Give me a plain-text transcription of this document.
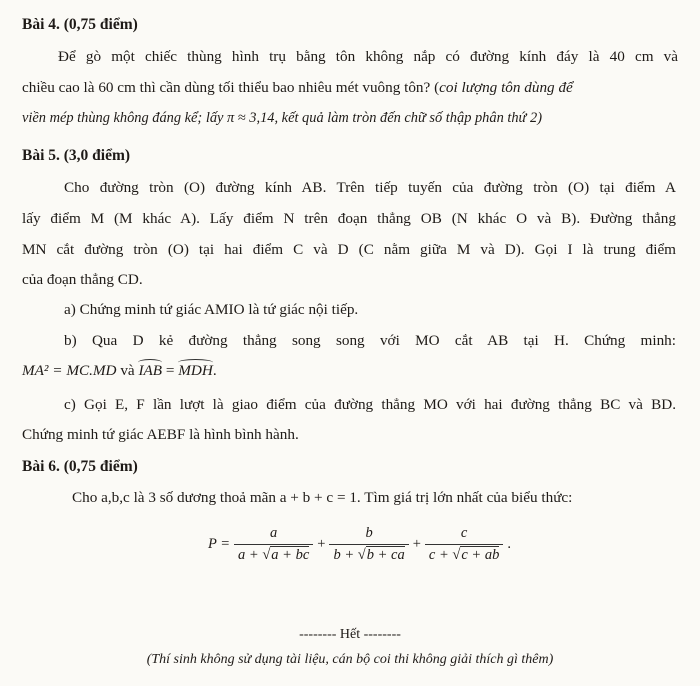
Bài 4. (0,75 điểm)
Để gò một chiếc thùng hình trụ bằng tôn không nắp có đường kính đáy là 40 cm và
chiều cao là 60 cm thì cần dùng tối thiểu bao nhiêu mét vuông tôn? (coi lượng tôn dùng để
viền mép thùng không đáng kể; lấy π ≈ 3,14, kết quả làm tròn đến chữ số thập phân thứ 2)
Bài 5. (3,0 điểm)
Cho đường tròn (O) đường kính AB. Trên tiếp tuyến của đường tròn (O) tại điểm A
lấy điểm M (M khác A). Lấy điểm N trên đoạn thẳng OB (N khác O và B). Đường thẳng
MN cắt đường tròn (O) tại hai điểm C và D (C nằm giữa M và D). Gọi I là trung điểm
của đoạn thẳng CD.
a) Chứng minh tứ giác AMIO là tứ giác nội tiếp.
b) Qua D kẻ đường thẳng song song với MO cắt AB tại H. Chứng minh:
MA² = MC.MD và IAB = MDH.
c) Gọi E, F lần lượt là giao điểm của đường thẳng MO với hai đường thẳng BC và BD.
Chứng minh tứ giác AEBF là hình bình hành.
Bài 6. (0,75 điểm)
Cho a,b,c là 3 số dương thoả mãn a + b + c = 1. Tìm giá trị lớn nhất của biểu thức:
$P = \frac{a}{a + √a + bc} + \frac{b}{b + √b + ca} + \frac{c}{c + √c + ab}$ .
-------- Hết --------
(Thí sinh không sử dụng tài liệu, cán bộ coi thi không giải thích gì thêm)
